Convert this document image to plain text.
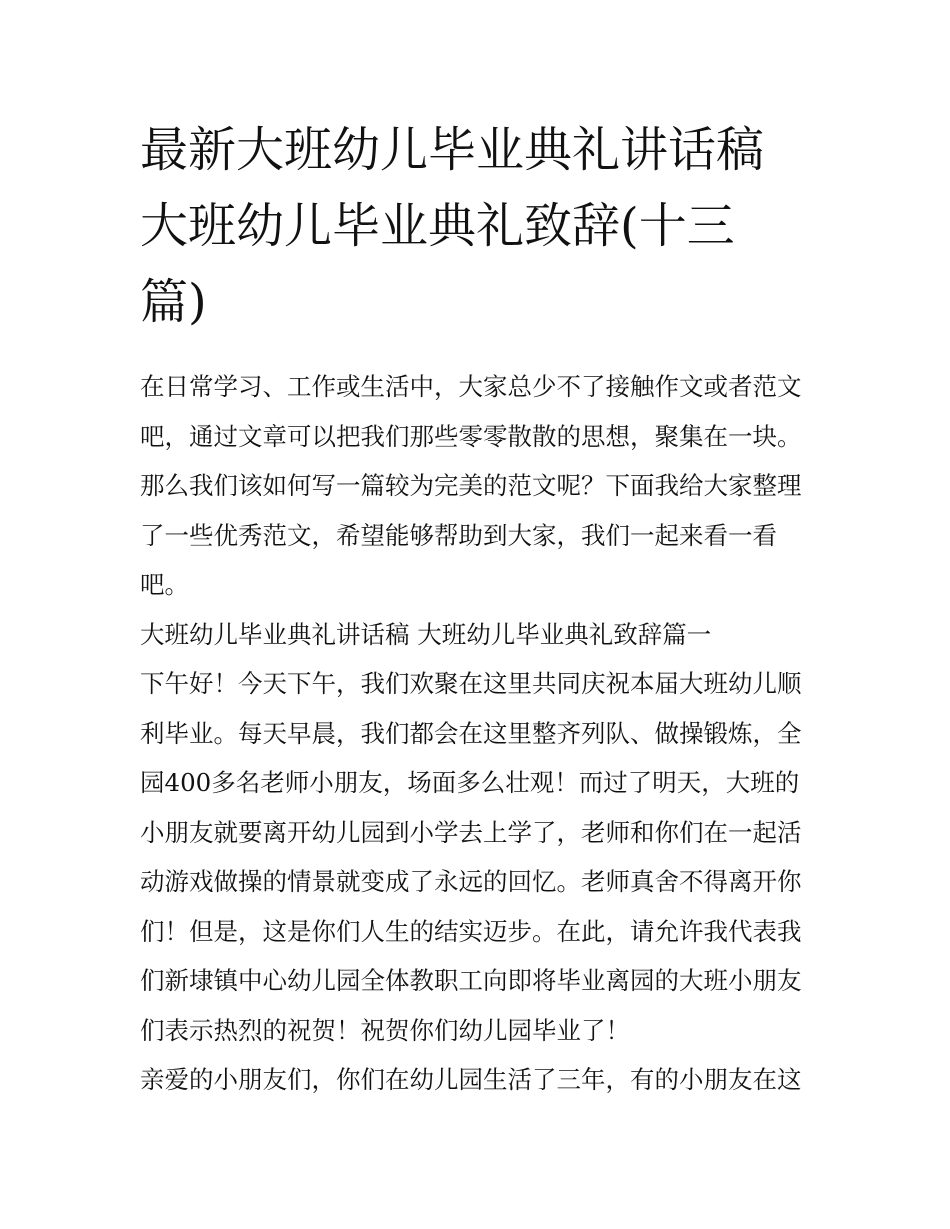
最新大班幼儿毕业典礼讲话稿
大班幼儿毕业典礼致辞(十三
篇)

在日常学习、工作或生活中，大家总少不了接触作文或者范文
吧，通过文章可以把我们那些零零散散的思想，聚集在一块。
那么我们该如何写一篇较为完美的范文呢？下面我给大家整理
了一些优秀范文，希望能够帮助到大家，我们一起来看一看
吧。

大班幼儿毕业典礼讲话稿 大班幼儿毕业典礼致辞篇一

下午好！今天下午，我们欢聚在这里共同庆祝本届大班幼儿顺
利毕业。每天早晨，我们都会在这里整齐列队、做操锻炼，全
园400多名老师小朋友，场面多么壮观！而过了明天，大班的
小朋友就要离开幼儿园到小学去上学了，老师和你们在一起活
动游戏做操的情景就变成了永远的回忆。老师真舍不得离开你
们！但是，这是你们人生的结实迈步。在此，请允许我代表我
们新埭镇中心幼儿园全体教职工向即将毕业离园的大班小朋友
们表示热烈的祝贺！祝贺你们幼儿园毕业了！

亲爱的小朋友们，你们在幼儿园生活了三年，有的小朋友在这
